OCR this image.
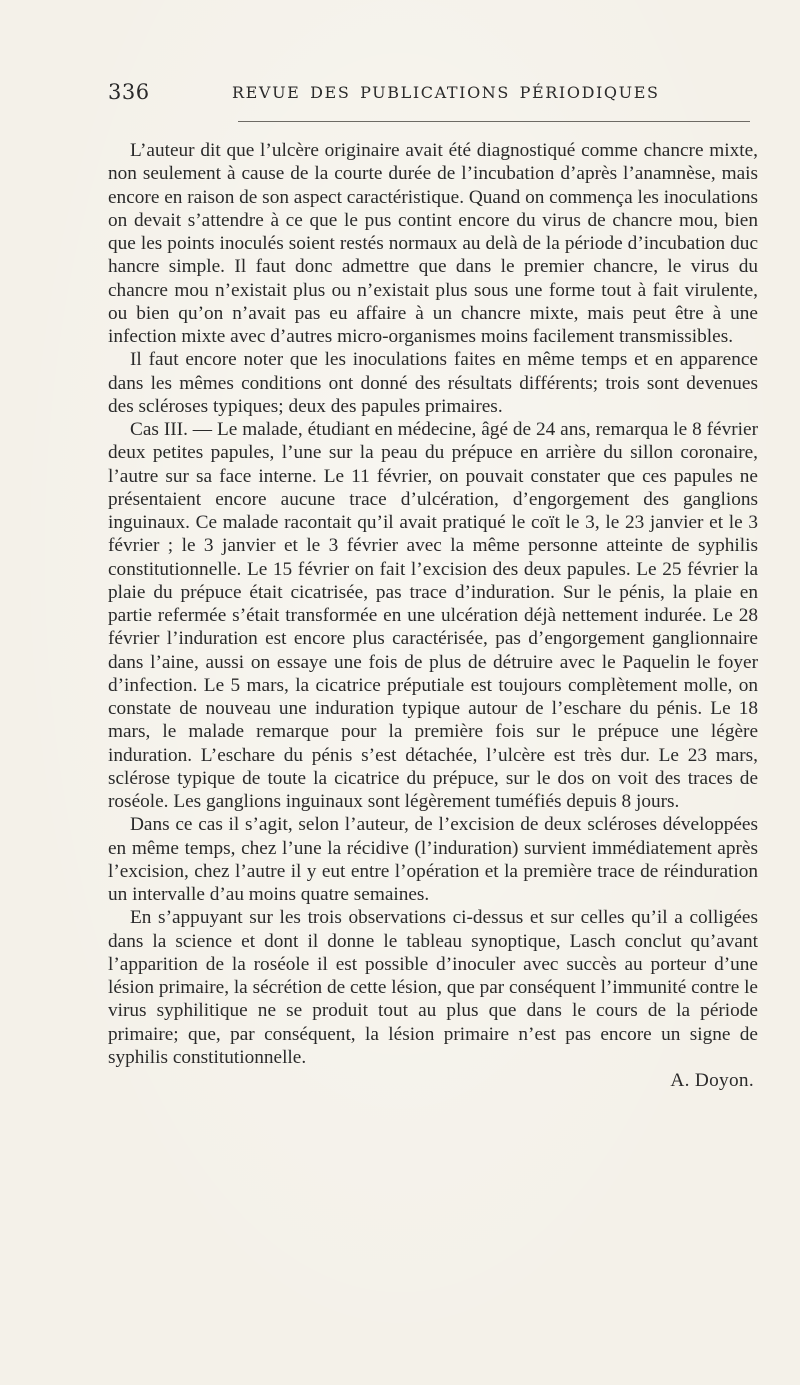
336	REVUE DES PUBLICATIONS PÉRIODIQUES

L’auteur dit que l’ulcère originaire avait été diagnostiqué comme chancre mixte, non seulement à cause de la courte durée de l’incubation d’après l’anamnèse, mais encore en raison de son aspect caractéristique. Quand on commença les inoculations on devait s’attendre à ce que le pus contint encore du virus de chancre mou, bien que les points inoculés soient restés normaux au delà de la période d’incubation duc hancre simple. Il faut donc admettre que dans le premier chancre, le virus du chancre mou n’existait plus ou n’existait plus sous une forme tout à fait virulente, ou bien qu’on n’avait pas eu affaire à un chancre mixte, mais peut être à une infection mixte avec d’autres micro-organismes moins facilement transmissibles.

Il faut encore noter que les inoculations faites en même temps et en apparence dans les mêmes conditions ont donné des résultats différents; trois sont devenues des scléroses typiques; deux des papules primaires.

Cas III. — Le malade, étudiant en médecine, âgé de 24 ans, remarqua le 8 février deux petites papules, l’une sur la peau du prépuce en arrière du sillon coronaire, l’autre sur sa face interne. Le 11 février, on pouvait constater que ces papules ne présentaient encore aucune trace d’ulcération, d’engorgement des ganglions inguinaux. Ce malade racontait qu’il avait pratiqué le coït le 3, le 23 janvier et le 3 février ; le 3 janvier et le 3 février avec la même personne atteinte de syphilis constitutionnelle. Le 15 février on fait l’excision des deux papules. Le 25 février la plaie du prépuce était cicatrisée, pas trace d’induration. Sur le pénis, la plaie en partie refermée s’était transformée en une ulcération déjà nettement indurée. Le 28 février l’induration est encore plus caractérisée, pas d’engorgement ganglionnaire dans l’aine, aussi on essaye une fois de plus de détruire avec le Paquelin le foyer d’infection. Le 5 mars, la cicatrice préputiale est toujours complètement molle, on constate de nouveau une induration typique autour de l’eschare du pénis. Le 18 mars, le malade remarque pour la première fois sur le prépuce une légère induration. L’eschare du pénis s’est détachée, l’ulcère est très dur. Le 23 mars, sclérose typique de toute la cicatrice du prépuce, sur le dos on voit des traces de roséole. Les ganglions inguinaux sont légèrement tuméfiés depuis 8 jours.

Dans ce cas il s’agit, selon l’auteur, de l’excision de deux scléroses développées en même temps, chez l’une la récidive (l’induration) survient immédiatement après l’excision, chez l’autre il y eut entre l’opération et la première trace de réinduration un intervalle d’au moins quatre semaines.

En s’appuyant sur les trois observations ci-dessus et sur celles qu’il a colligées dans la science et dont il donne le tableau synoptique, Lasch conclut qu’avant l’apparition de la roséole il est possible d’inoculer avec succès au porteur d’une lésion primaire, la sécrétion de cette lésion, que par conséquent l’immunité contre le virus syphilitique ne se produit tout au plus que dans le cours de la période primaire; que, par conséquent, la lésion primaire n’est pas encore un signe de syphilis constitutionnelle.

A. Doyon.
